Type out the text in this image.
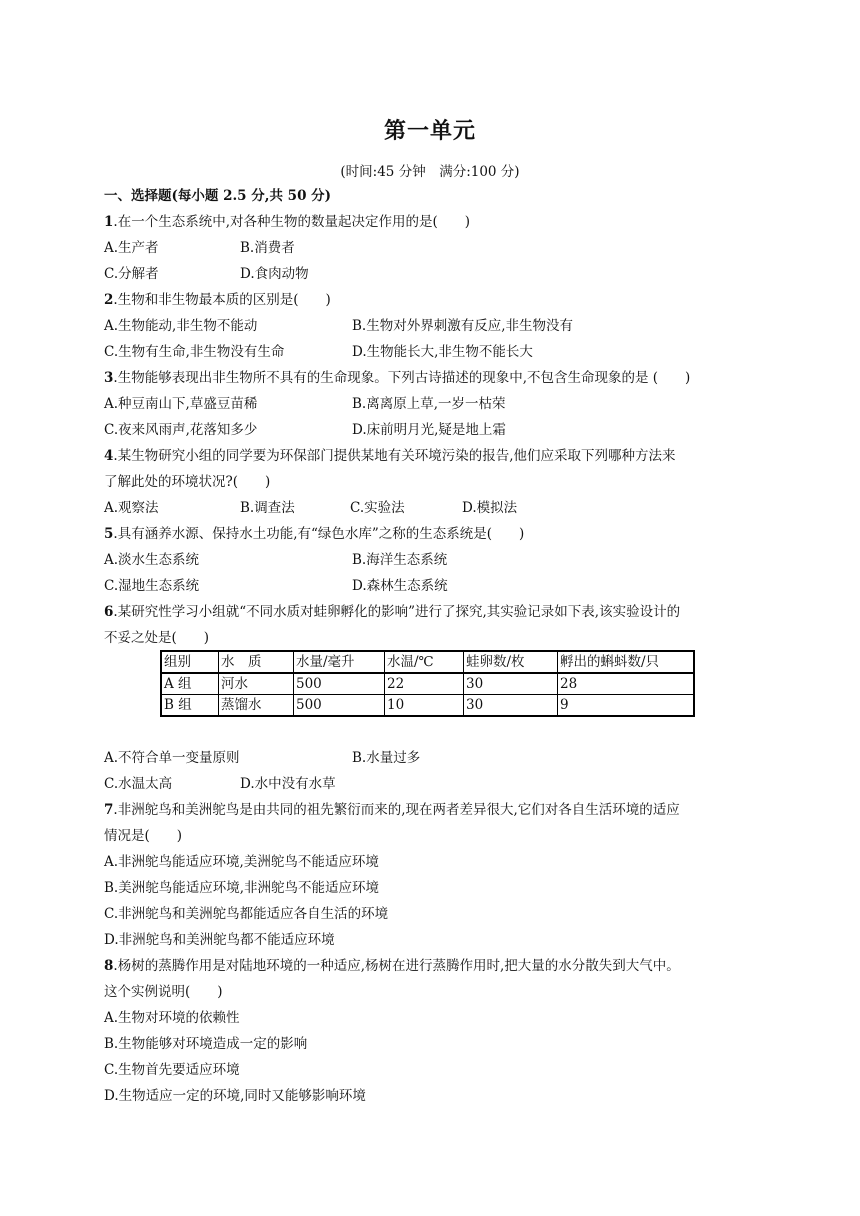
第一单元
(时间:45 分钟　满分:100 分)
一、选择题(每小题 2.5 分,共 50 分)
1.在一个生态系统中,对各种生物的数量起决定作用的是(　　)
A.生产者	B.消费者
C.分解者	D.食肉动物
2.生物和非生物最本质的区别是(　　)
A.生物能动,非生物不能动	B.生物对外界刺激有反应,非生物没有
C.生物有生命,非生物没有生命	D.生物能长大,非生物不能长大
3.生物能够表现出非生物所不具有的生命现象。下列古诗描述的现象中,不包含生命现象的是 (　　)
A.种豆南山下,草盛豆苗稀	B.离离原上草,一岁一枯荣
C.夜来风雨声,花落知多少	D.床前明月光,疑是地上霜
4.某生物研究小组的同学要为环保部门提供某地有关环境污染的报告,他们应采取下列哪种方法来
了解此处的环境状况?(　　)
A.观察法	B.调查法	C.实验法	D.模拟法
5.具有涵养水源、保持水土功能,有“绿色水库”之称的生态系统是(　　)
A.淡水生态系统	B.海洋生态系统
C.湿地生态系统	D.森林生态系统
6.某研究性学习小组就“不同水质对蛙卵孵化的影响”进行了探究,其实验记录如下表,该实验设计的
不妥之处是(　　)
组别	水　质	水量/毫升	水温/℃	蛙卵数/枚	孵出的蝌蚪数/只
A 组	河水	500	22	30	28
B 组	蒸馏水	500	10	30	9
A.不符合单一变量原则	B.水量过多
C.水温太高	D.水中没有水草
7.非洲鸵鸟和美洲鸵鸟是由共同的祖先繁衍而来的,现在两者差异很大,它们对各自生活环境的适应
情况是(　　)
A.非洲鸵鸟能适应环境,美洲鸵鸟不能适应环境
B.美洲鸵鸟能适应环境,非洲鸵鸟不能适应环境
C.非洲鸵鸟和美洲鸵鸟都能适应各自生活的环境
D.非洲鸵鸟和美洲鸵鸟都不能适应环境
8.杨树的蒸腾作用是对陆地环境的一种适应,杨树在进行蒸腾作用时,把大量的水分散失到大气中。
这个实例说明(　　)
A.生物对环境的依赖性
B.生物能够对环境造成一定的影响
C.生物首先要适应环境
D.生物适应一定的环境,同时又能够影响环境
